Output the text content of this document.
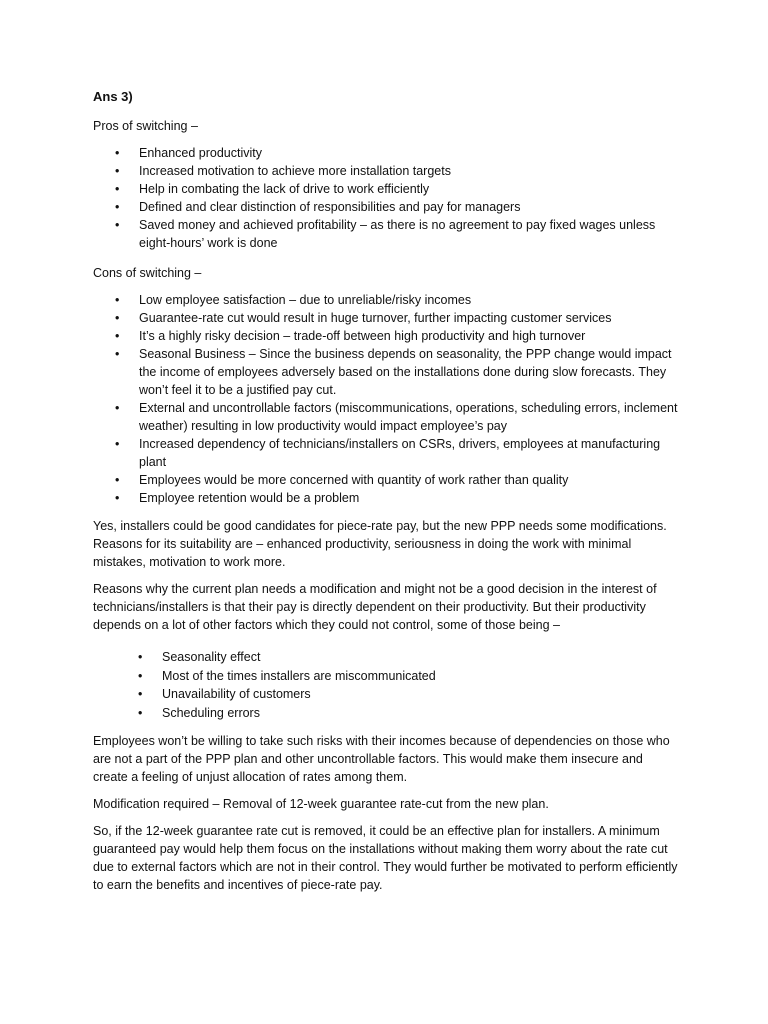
Ans 3)

Pros of switching –

• Enhanced productivity
• Increased motivation to achieve more installation targets
• Help in combating the lack of drive to work efficiently
• Defined and clear distinction of responsibilities and pay for managers
• Saved money and achieved profitability – as there is no agreement to pay fixed wages unless eight-hours’ work is done

Cons of switching –

• Low employee satisfaction – due to unreliable/risky incomes
• Guarantee-rate cut would result in huge turnover, further impacting customer services
• It’s a highly risky decision – trade-off between high productivity and high turnover
• Seasonal Business – Since the business depends on seasonality, the PPP change would impact the income of employees adversely based on the installations done during slow forecasts. They won’t feel it to be a justified pay cut.
• External and uncontrollable factors (miscommunications, operations, scheduling errors, inclement weather) resulting in low productivity would impact employee’s pay
• Increased dependency of technicians/installers on CSRs, drivers, employees at manufacturing plant
• Employees would be more concerned with quantity of work rather than quality
• Employee retention would be a problem

Yes, installers could be good candidates for piece-rate pay, but the new PPP needs some modifications. Reasons for its suitability are – enhanced productivity, seriousness in doing the work with minimal mistakes, motivation to work more.

Reasons why the current plan needs a modification and might not be a good decision in the interest of technicians/installers is that their pay is directly dependent on their productivity. But their productivity depends on a lot of other factors which they could not control, some of those being –

• Seasonality effect
• Most of the times installers are miscommunicated
• Unavailability of customers
• Scheduling errors

Employees won’t be willing to take such risks with their incomes because of dependencies on those who are not a part of the PPP plan and other uncontrollable factors. This would make them insecure and create a feeling of unjust allocation of rates among them.

Modification required – Removal of 12-week guarantee rate-cut from the new plan.

So, if the 12-week guarantee rate cut is removed, it could be an effective plan for installers. A minimum guaranteed pay would help them focus on the installations without making them worry about the rate cut due to external factors which are not in their control. They would further be motivated to perform efficiently to earn the benefits and incentives of piece-rate pay.
